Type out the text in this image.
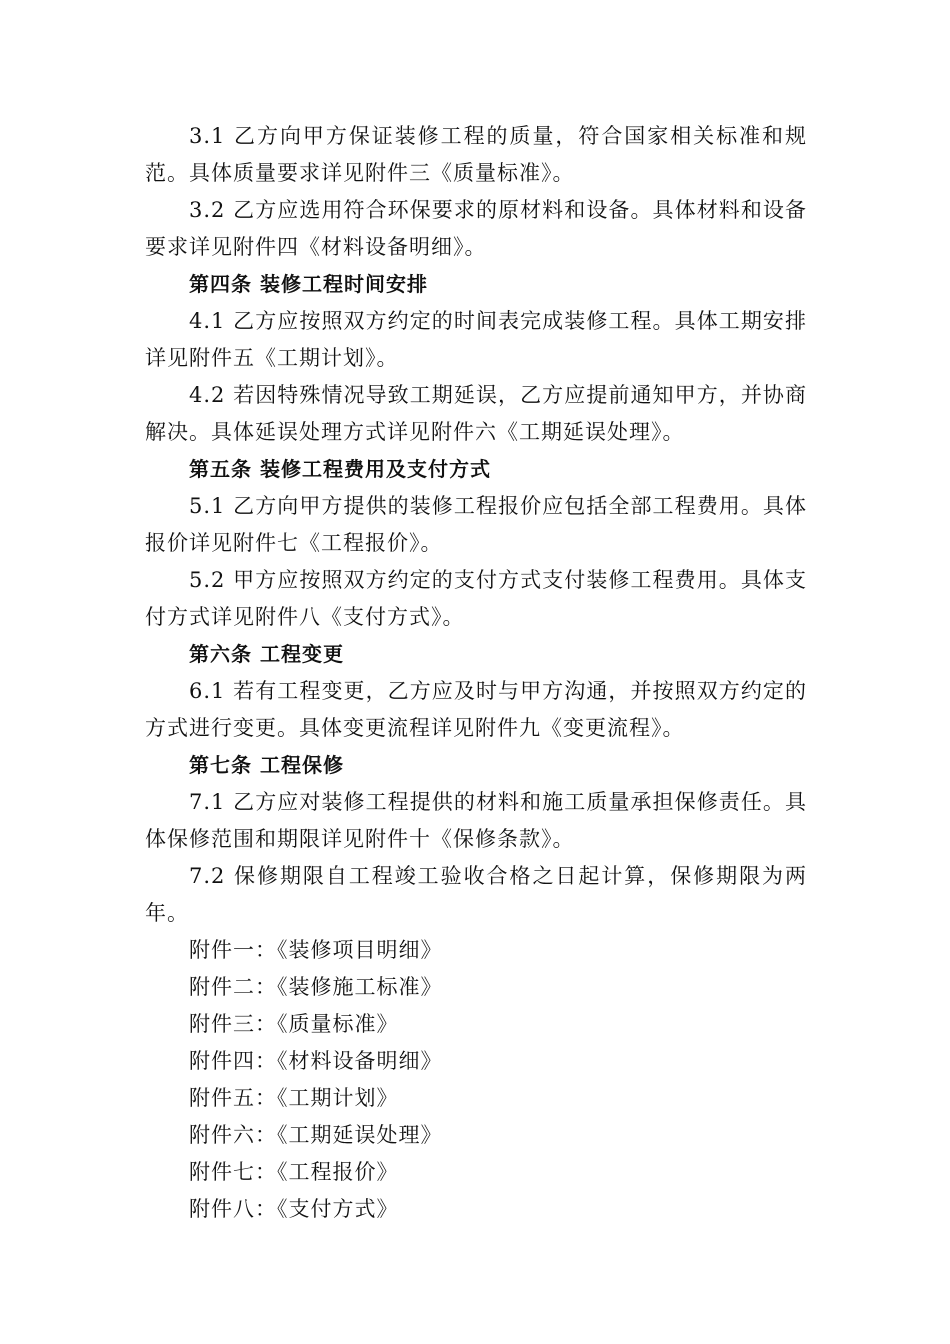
3.1 乙方向甲方保证装修工程的质量，符合国家相关标准和规范。具体质量要求详见附件三《质量标准》。

3.2 乙方应选用符合环保要求的原材料和设备。具体材料和设备要求详见附件四《材料设备明细》。

第四条 装修工程时间安排

4.1 乙方应按照双方约定的时间表完成装修工程。具体工期安排详见附件五《工期计划》。

4.2 若因特殊情况导致工期延误，乙方应提前通知甲方，并协商解决。具体延误处理方式详见附件六《工期延误处理》。

第五条 装修工程费用及支付方式

5.1 乙方向甲方提供的装修工程报价应包括全部工程费用。具体报价详见附件七《工程报价》。

5.2 甲方应按照双方约定的支付方式支付装修工程费用。具体支付方式详见附件八《支付方式》。

第六条 工程变更

6.1 若有工程变更，乙方应及时与甲方沟通，并按照双方约定的方式进行变更。具体变更流程详见附件九《变更流程》。

第七条 工程保修

7.1 乙方应对装修工程提供的材料和施工质量承担保修责任。具体保修范围和期限详见附件十《保修条款》。

7.2 保修期限自工程竣工验收合格之日起计算，保修期限为两年。

附件一：《装修项目明细》

附件二：《装修施工标准》

附件三：《质量标准》

附件四：《材料设备明细》

附件五：《工期计划》

附件六：《工期延误处理》

附件七：《工程报价》

附件八：《支付方式》
